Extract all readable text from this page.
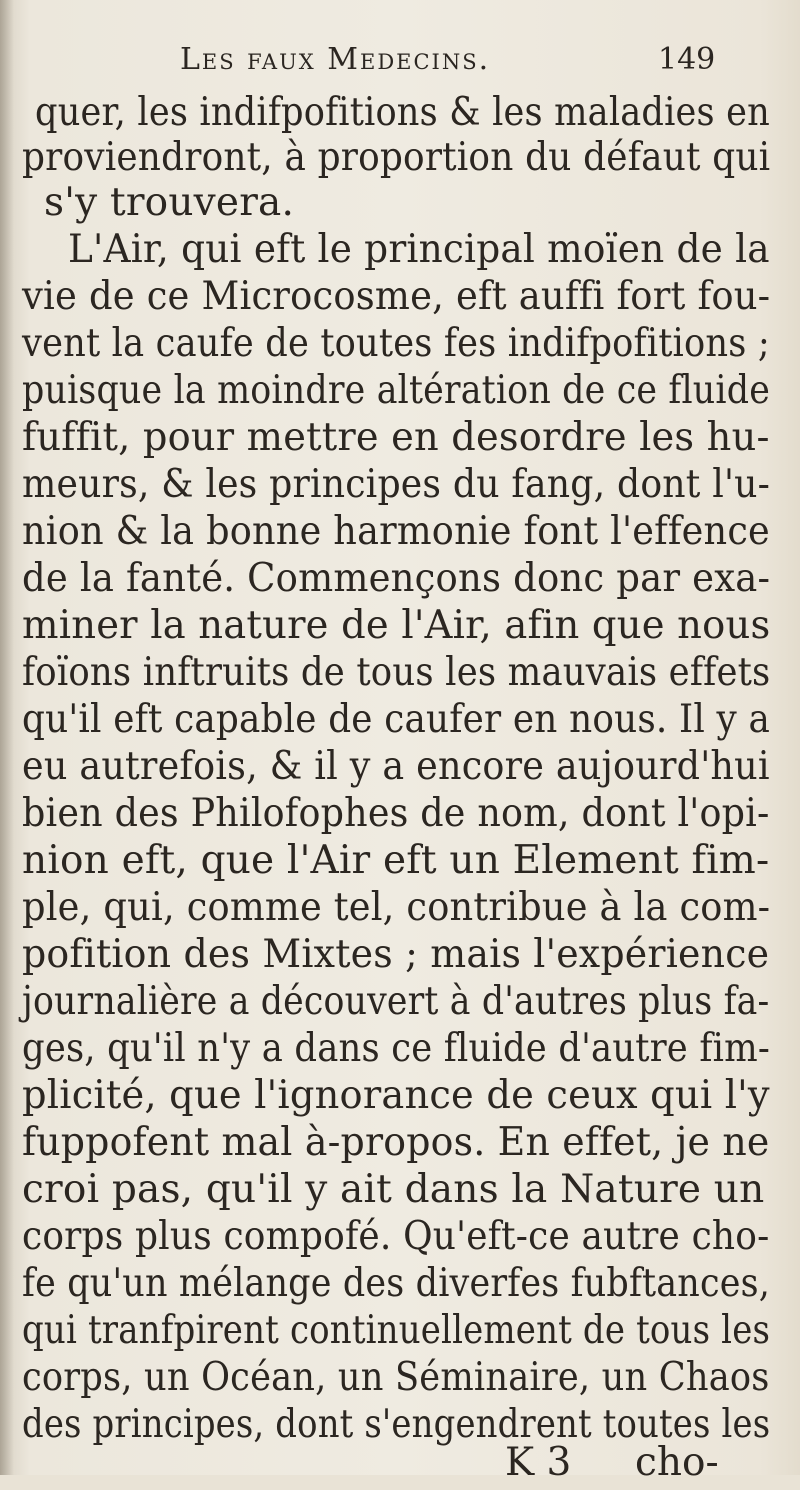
Les faux Medecins.	149
quer, les indifpofitions & les maladies en
proviendront, à proportion du défaut qui
s'y trouvera.
L'Air, qui eft le principal moïen de la
vie de ce Microcosme, eft auffi fort fou-
vent la caufe de toutes fes indifpofitions ;
puisque la moindre altération de ce fluide
fuffit, pour mettre en desordre les hu-
meurs, & les principes du fang, dont l'u-
nion & la bonne harmonie font l'effence
de la fanté. Commençons donc par exa-
miner la nature de l'Air, afin que nous
foïons inftruits de tous les mauvais effets
qu'il eft capable de caufer en nous. Il y a
eu autrefois, & il y a encore aujourd'hui
bien des Philofophes de nom, dont l'opi-
nion eft, que l'Air eft un Element fim-
ple, qui, comme tel, contribue à la com-
pofition des Mixtes ; mais l'expérience
journalière a découvert à d'autres plus fa-
ges, qu'il n'y a dans ce fluide d'autre fim-
plicité, que l'ignorance de ceux qui l'y
fuppofent mal à-propos. En effet, je ne
croi pas, qu'il y ait dans la Nature un
corps plus compofé. Qu'eft-ce autre cho-
fe qu'un mélange des diverfes fubftances,
qui tranfpirent continuellement de tous les
corps, un Océan, un Séminaire, un Chaos
des principes, dont s'engendrent toutes les
K 3 cho-
